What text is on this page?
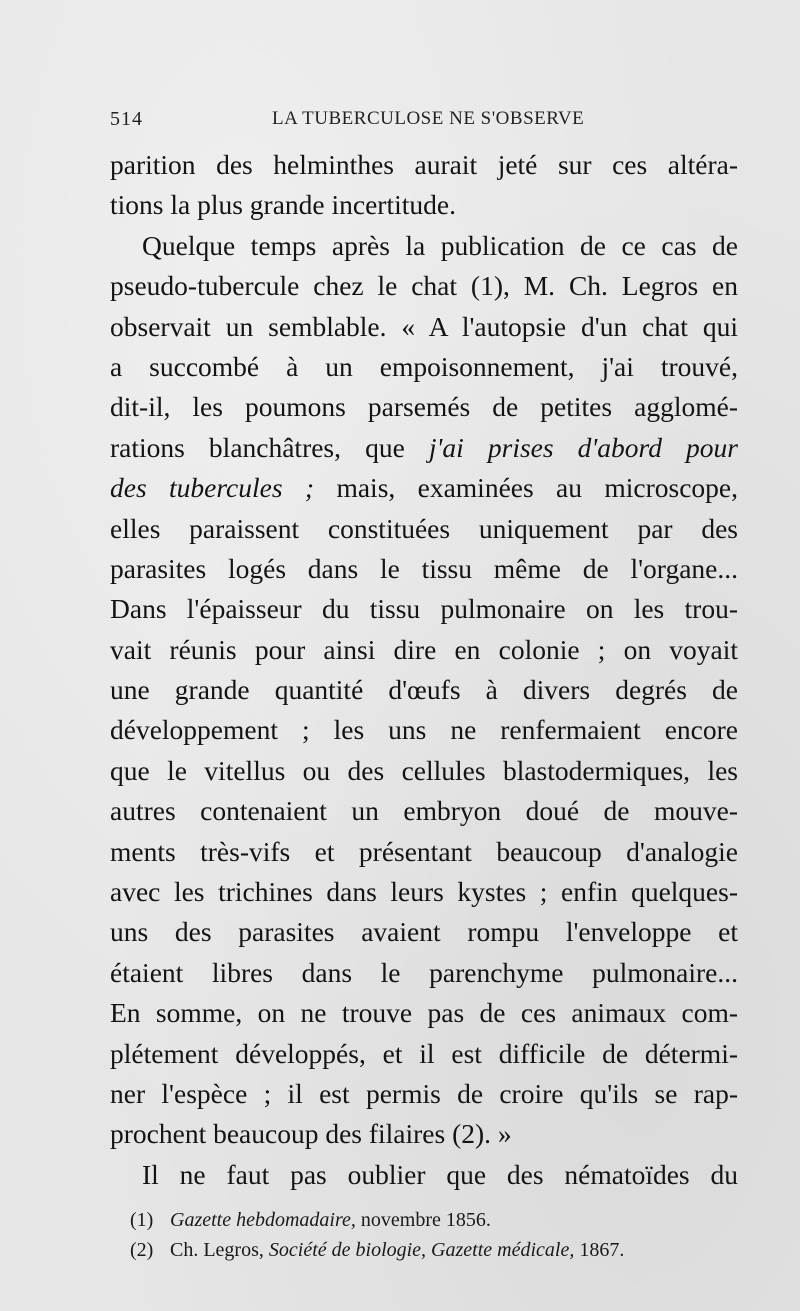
514	LA TUBERCULOSE NE S'OBSERVE
parition des helminthes aurait jeté sur ces altéra-
tions la plus grande incertitude.
Quelque temps après la publication de ce cas de
pseudo-tubercule chez le chat (1), M. Ch. Legros en
observait un semblable. « A l'autopsie d'un chat qui
a succombé à un empoisonnement, j'ai trouvé,
dit-il, les poumons parsemés de petites agglomé-
rations blanchâtres, que j'ai prises d'abord pour
des tubercules ; mais, examinées au microscope,
elles paraissent constituées uniquement par des
parasites logés dans le tissu même de l'organe...
Dans l'épaisseur du tissu pulmonaire on les trou-
vait réunis pour ainsi dire en colonie ; on voyait
une grande quantité d'œufs à divers degrés de
développement ; les uns ne renfermaient encore
que le vitellus ou des cellules blastodermiques, les
autres contenaient un embryon doué de mouve-
ments très-vifs et présentant beaucoup d'analogie
avec les trichines dans leurs kystes ; enfin quelques-
uns des parasites avaient rompu l'enveloppe et
étaient libres dans le parenchyme pulmonaire...
En somme, on ne trouve pas de ces animaux com-
plétement développés, et il est difficile de détermi-
ner l'espèce ; il est permis de croire qu'ils se rap-
prochent beaucoup des filaires (2). »
Il ne faut pas oublier que des nématoïdes du
(1) Gazette hebdomadaire, novembre 1856.
(2) Ch. Legros, Société de biologie, Gazette médicale, 1867.
